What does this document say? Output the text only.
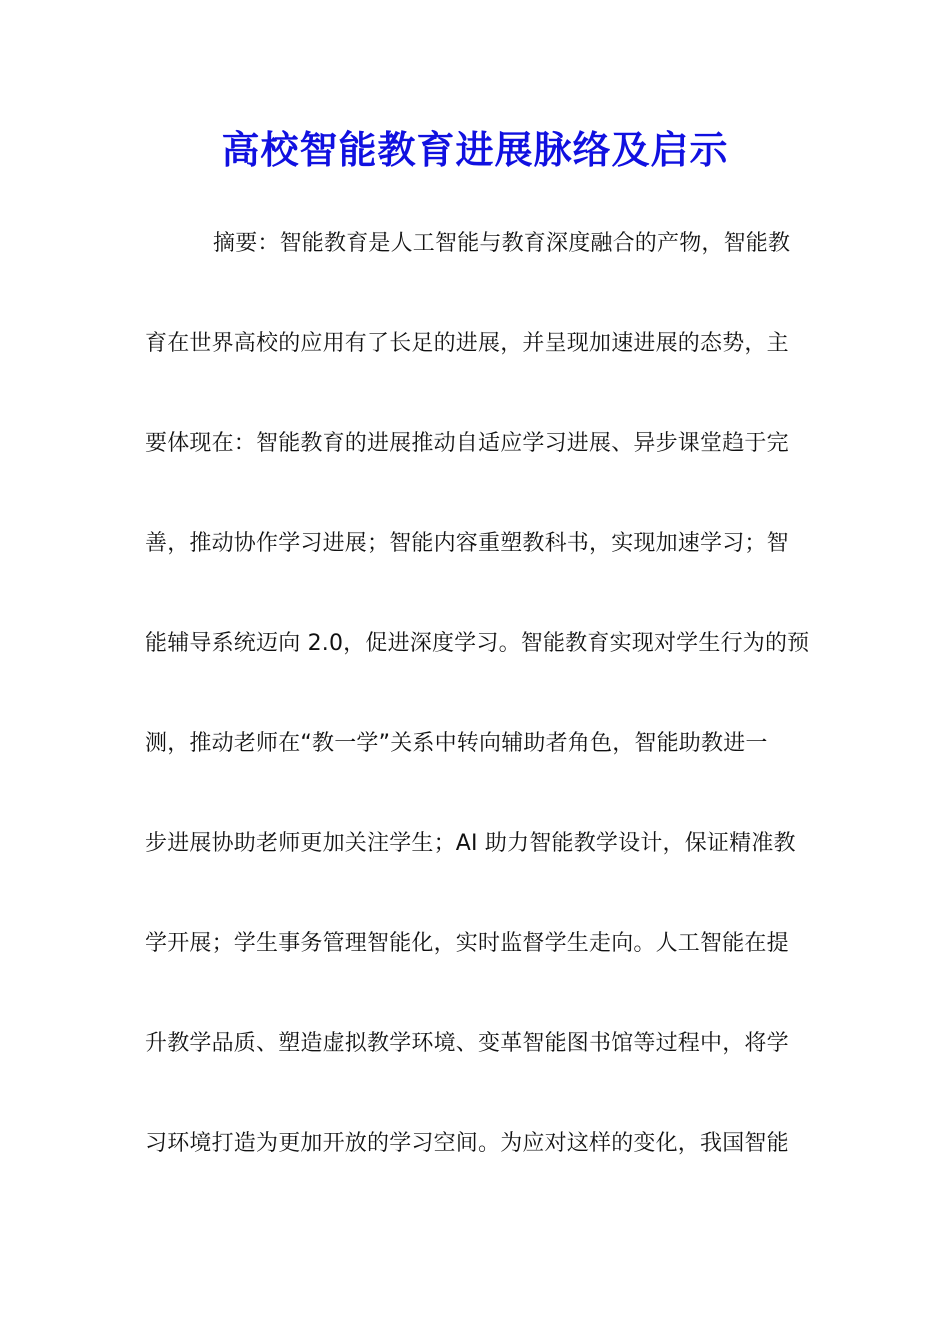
高校智能教育进展脉络及启示
摘要：智能教育是人工智能与教育深度融合的产物，智能教
育在世界高校的应用有了长足的进展，并呈现加速进展的态势，主
要体现在：智能教育的进展推动自适应学习进展、异步课堂趋于完
善，推动协作学习进展；智能内容重塑教科书，实现加速学习；智
能辅导系统迈向 2.0，促进深度学习。智能教育实现对学生行为的预
测，推动老师在“教一学”关系中转向辅助者角色，智能助教进一
步进展协助老师更加关注学生；AI 助力智能教学设计，保证精准教
学开展；学生事务管理智能化，实时监督学生走向。人工智能在提
升教学品质、塑造虚拟教学环境、变革智能图书馆等过程中，将学
习环境打造为更加开放的学习空间。为应对这样的变化，我国智能
